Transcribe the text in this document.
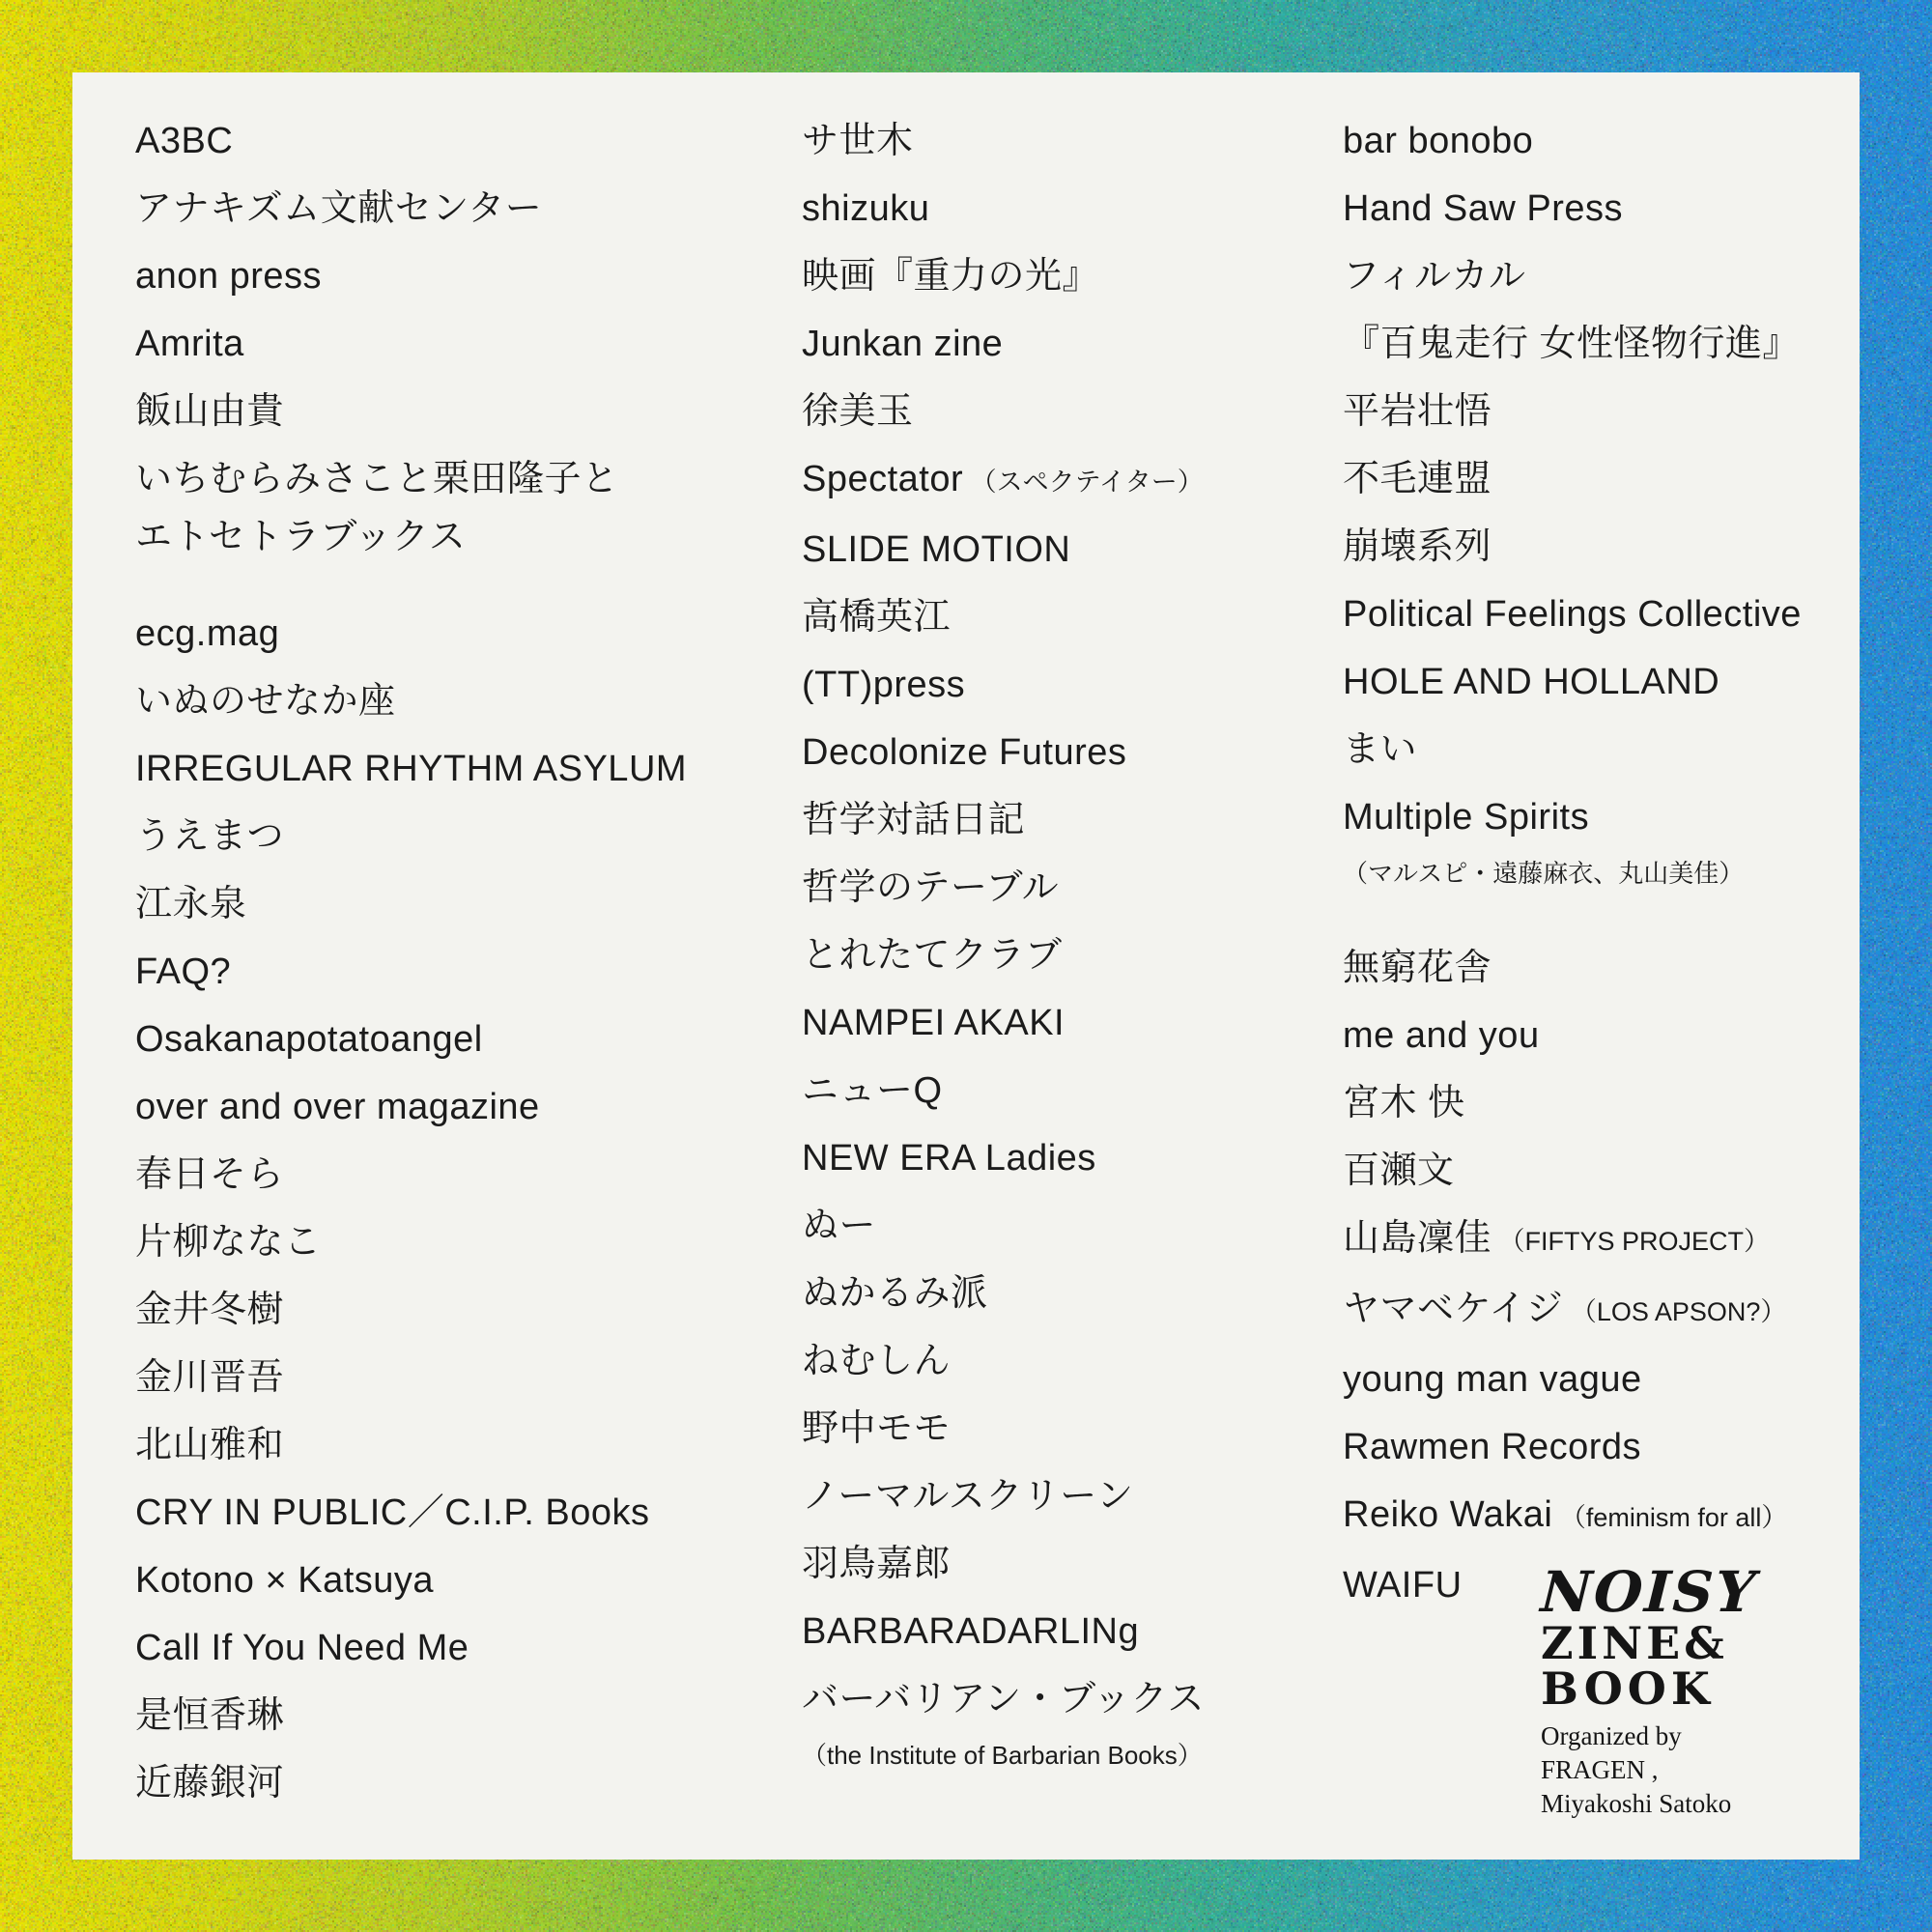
A3BC
アナキズム文献センター
anon press
Amrita
飯山由貴
いちむらみさこと栗田隆子と
エトセトラブックス
ecg.mag
いぬのせなか座
IRREGULAR RHYTHM ASYLUM
うえまつ
江永泉
FAQ?
Osakanapotatoangel
over and over magazine
春日そら
片柳ななこ
金井冬樹
金川晋吾
北山雅和
CRY IN PUBLIC／C.I.P. Books
Kotono × Katsuya
Call If You Need Me
是恒香琳
近藤銀河
サ世木
shizuku
映画『重力の光』
Junkan zine
徐美玉
Spectator （スペクテイター）
SLIDE MOTION
高橋英江
(TT)press
Decolonize Futures
哲学対話日記
哲学のテーブル
とれたてクラブ
NAMPEI AKAKI
ニューQ
NEW ERA Ladies
ぬー
ぬかるみ派
ねむしん
野中モモ
ノーマルスクリーン
羽鳥嘉郎
BARBARADARLINg
バーバリアン・ブックス
（the Institute of Barbarian Books）
bar bonobo
Hand Saw Press
フィルカル
『百鬼走行 女性怪物行進』
平岩壮悟
不毛連盟
崩壊系列
Political Feelings Collective
HOLE AND HOLLAND
まい
Multiple Spirits
（マルスピ・遠藤麻衣、丸山美佳）
無窮花舎
me and you
宮木 快
百瀬文
山島凜佳 （FIFTYS PROJECT）
ヤマベケイジ （LOS APSON?）
young man vague
Rawmen Records
Reiko Wakai （feminism for all）
WAIFU	NOISY
ZINE&
BOOK
Organized by
FRAGEN ,
Miyakoshi Satoko
